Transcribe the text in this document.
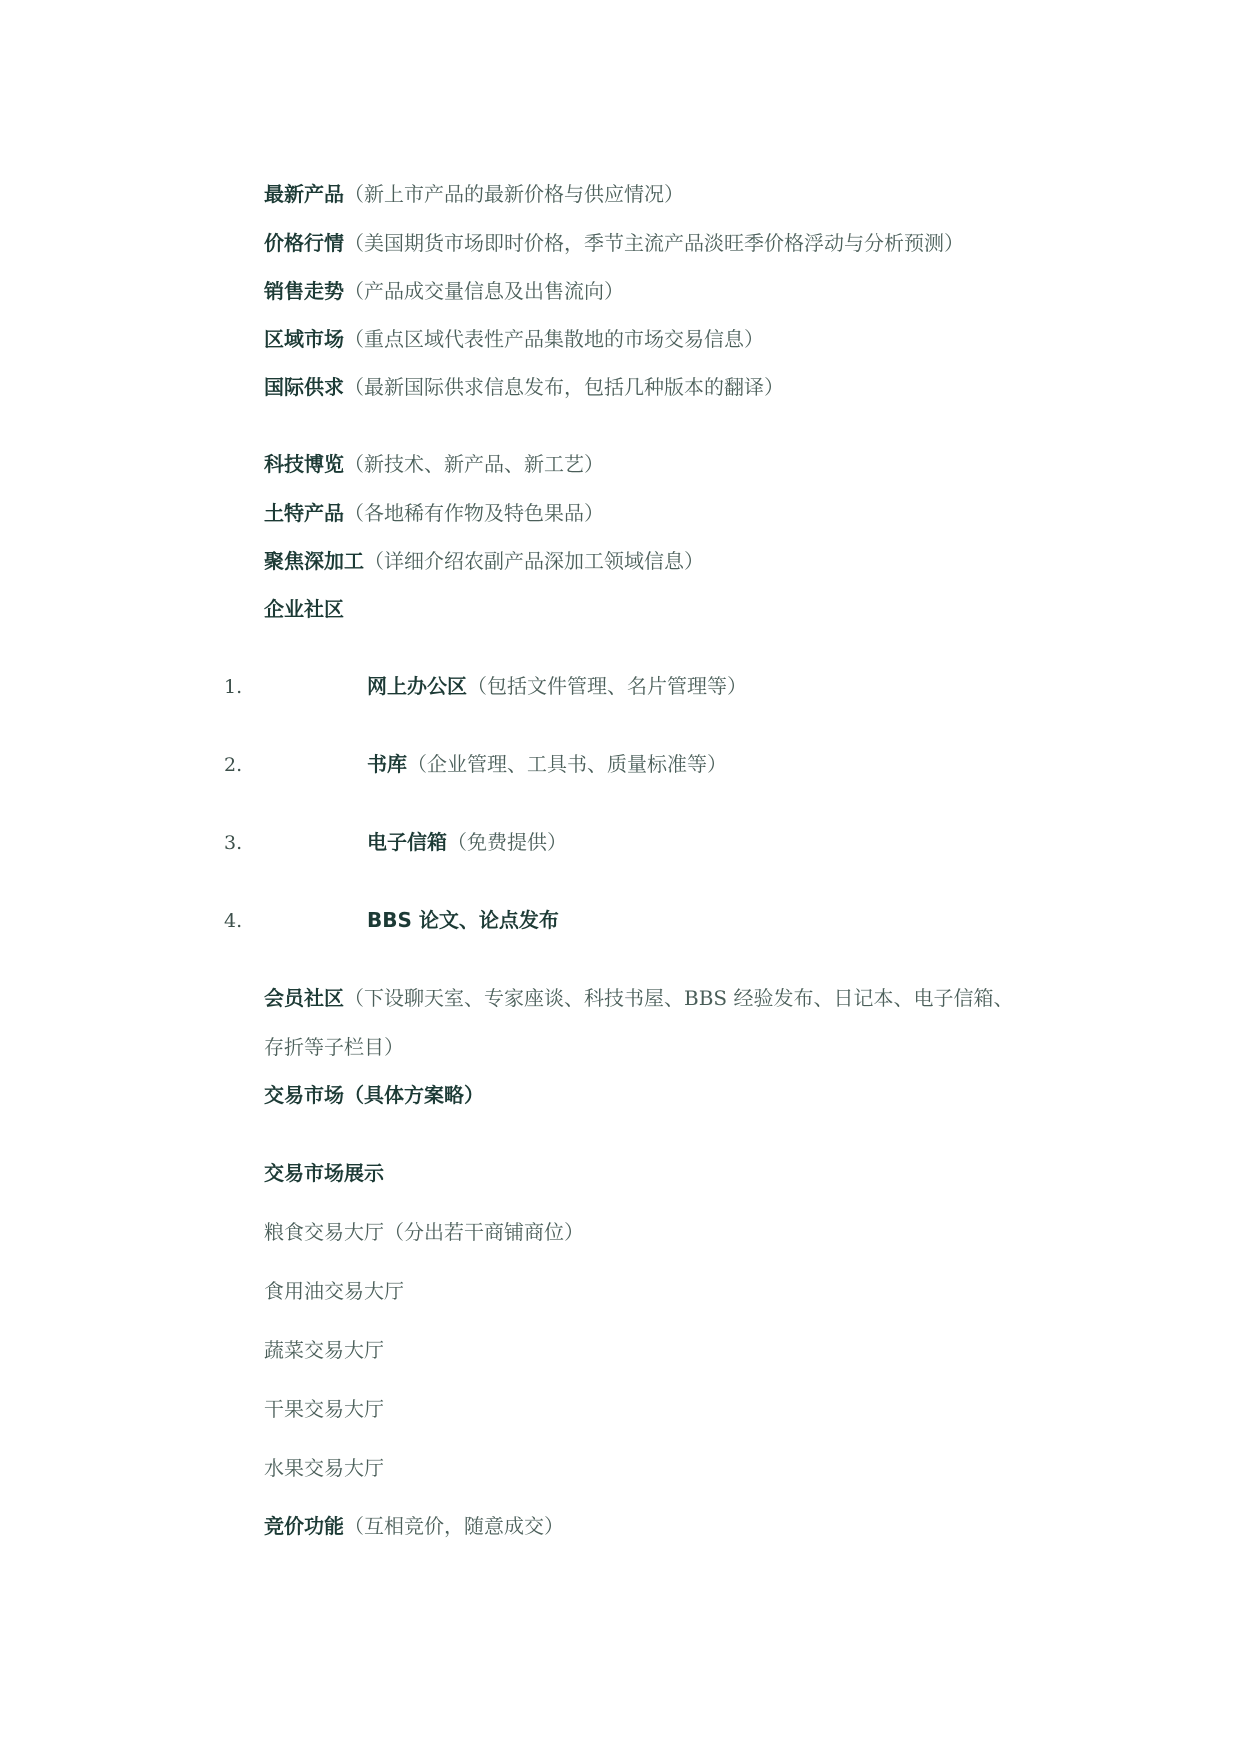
最新产品（新上市产品的最新价格与供应情况）
价格行情（美国期货市场即时价格，季节主流产品淡旺季价格浮动与分析预测）
销售走势（产品成交量信息及出售流向）
区域市场（重点区域代表性产品集散地的市场交易信息）
国际供求（最新国际供求信息发布，包括几种版本的翻译）
科技博览（新技术、新产品、新工艺）
土特产品（各地稀有作物及特色果品）
聚焦深加工（详细介绍农副产品深加工领域信息）
企业社区
1.	网上办公区（包括文件管理、名片管理等）
2.	书库（企业管理、工具书、质量标准等）
3.	电子信箱（免费提供）
4.	BBS 论文、论点发布
会员社区（下设聊天室、专家座谈、科技书屋、BBS 经验发布、日记本、电子信箱、
存折等子栏目）
交易市场（具体方案略）
交易市场展示
粮食交易大厅（分出若干商铺商位）
食用油交易大厅
蔬菜交易大厅
干果交易大厅
水果交易大厅
竞价功能（互相竞价，随意成交）
